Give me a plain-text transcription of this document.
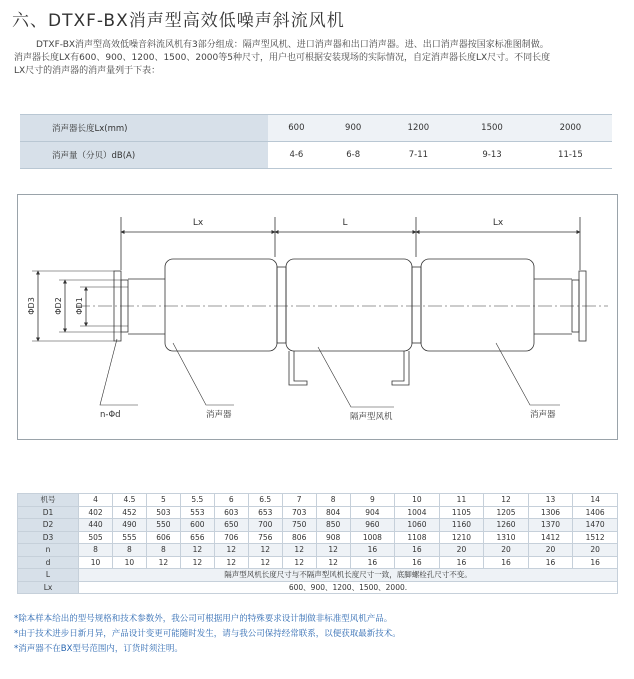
六、DTXF-BX消声型高效低噪声斜流风机

DTXF-BX消声型高效低噪音斜流风机有3部分组成：隔声型风机、进口消声器和出口消声器。进、出口消声器按国家标准图制做。

消声器长度LX有600、900、1200、1500、2000等5种尺寸，用户也可根据安装现场的实际情况，自定消声器长度LX尺寸。不同长度

LX尺寸的消声器的消声量列于下表：

消声器长度Lx(mm)	600	900	1200	1500	2000
消声量（分贝）dB(A)	4-6	6-8	7-11	9-13	11-15
Lx	L	Lx
ΦD3 ΦD2 ΦD1
n-Φd	消声器	隔声型风机	消声器
机号	4	4.5	5	5.5	6	6.5	7	8	9	10	11	12	13	14
D1	402	452	503	553	603	653	703	804	904	1004	1105	1205	1306	1406
D2	440	490	550	600	650	700	750	850	960	1060	1160	1260	1370	1470
D3	505	555	606	656	706	756	806	908	1008	1108	1210	1310	1412	1512
n	8	8	8	12	12	12	12	12	16	16	20	20	20	20
d	10	10	12	12	12	12	12	12	16	16	16	16	16	16
L	隔声型风机长度尺寸与不隔声型风机长度尺寸一致，底脚螺栓孔尺寸不变。													
Lx	600、900、1200、1500、2000.													
*除本样本给出的型号规格和技术参数外，我公司可根据用户的特殊要求设计制做非标准型风机产品。
*由于技术进步日新月异，产品设计变更可能随时发生，请与我公司保持经常联系，以便获取最新技术。
*消声器不在BX型号范围内，订货时须注明。
